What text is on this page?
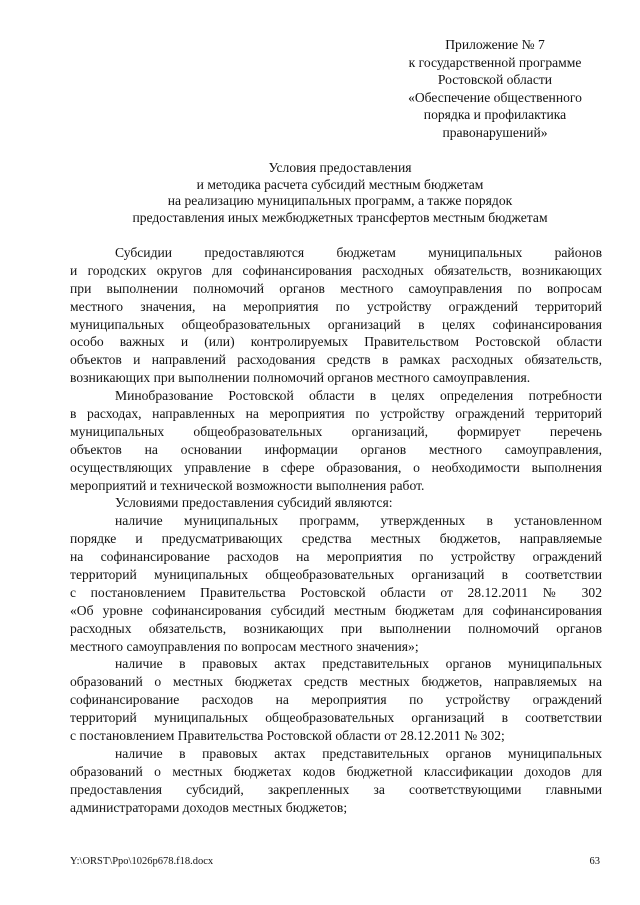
Приложение № 7
к государственной программе
Ростовской области
«Обеспечение общественного
порядка и профилактика
правонарушений»
Условия предоставления
и методика расчета субсидий местным бюджетам
на реализацию муниципальных программ, а также порядок
предоставления иных межбюджетных трансфертов местным бюджетам
Субсидии предоставляются бюджетам муниципальных районов
и городских округов для софинансирования расходных обязательств, возникающих
при выполнении полномочий органов местного самоуправления по вопросам
местного значения, на мероприятия по устройству ограждений территорий
муниципальных общеобразовательных организаций в целях софинансирования
особо важных и (или) контролируемых Правительством Ростовской области
объектов и направлений расходования средств в рамках расходных обязательств,
возникающих при выполнении полномочий органов местного самоуправления.
Минобразование Ростовской области в целях определения потребности
в расходах, направленных на мероприятия по устройству ограждений территорий
муниципальных общеобразовательных организаций, формирует перечень
объектов на основании информации органов местного самоуправления,
осуществляющих управление в сфере образования, о необходимости выполнения
мероприятий и технической возможности выполнения работ.
Условиями предоставления субсидий являются:
наличие муниципальных программ, утвержденных в установленном
порядке и предусматривающих средства местных бюджетов, направляемые
на софинансирование расходов на мероприятия по устройству ограждений
территорий муниципальных общеобразовательных организаций в соответствии
с постановлением Правительства Ростовской области от 28.12.2011 № 302
«Об уровне софинансирования субсидий местным бюджетам для софинансирования
расходных обязательств, возникающих при выполнении полномочий органов
местного самоуправления по вопросам местного значения»;
наличие в правовых актах представительных органов муниципальных
образований о местных бюджетах средств местных бюджетов, направляемых на
софинансирование расходов на мероприятия по устройству ограждений
территорий муниципальных общеобразовательных организаций в соответствии
с постановлением Правительства Ростовской области от 28.12.2011 № 302;
наличие в правовых актах представительных органов муниципальных
образований о местных бюджетах кодов бюджетной классификации доходов для
предоставления субсидий, закрепленных за соответствующими главными
администраторами доходов местных бюджетов;
Y:\ORST\Ppo\1026p678.f18.docx	63
